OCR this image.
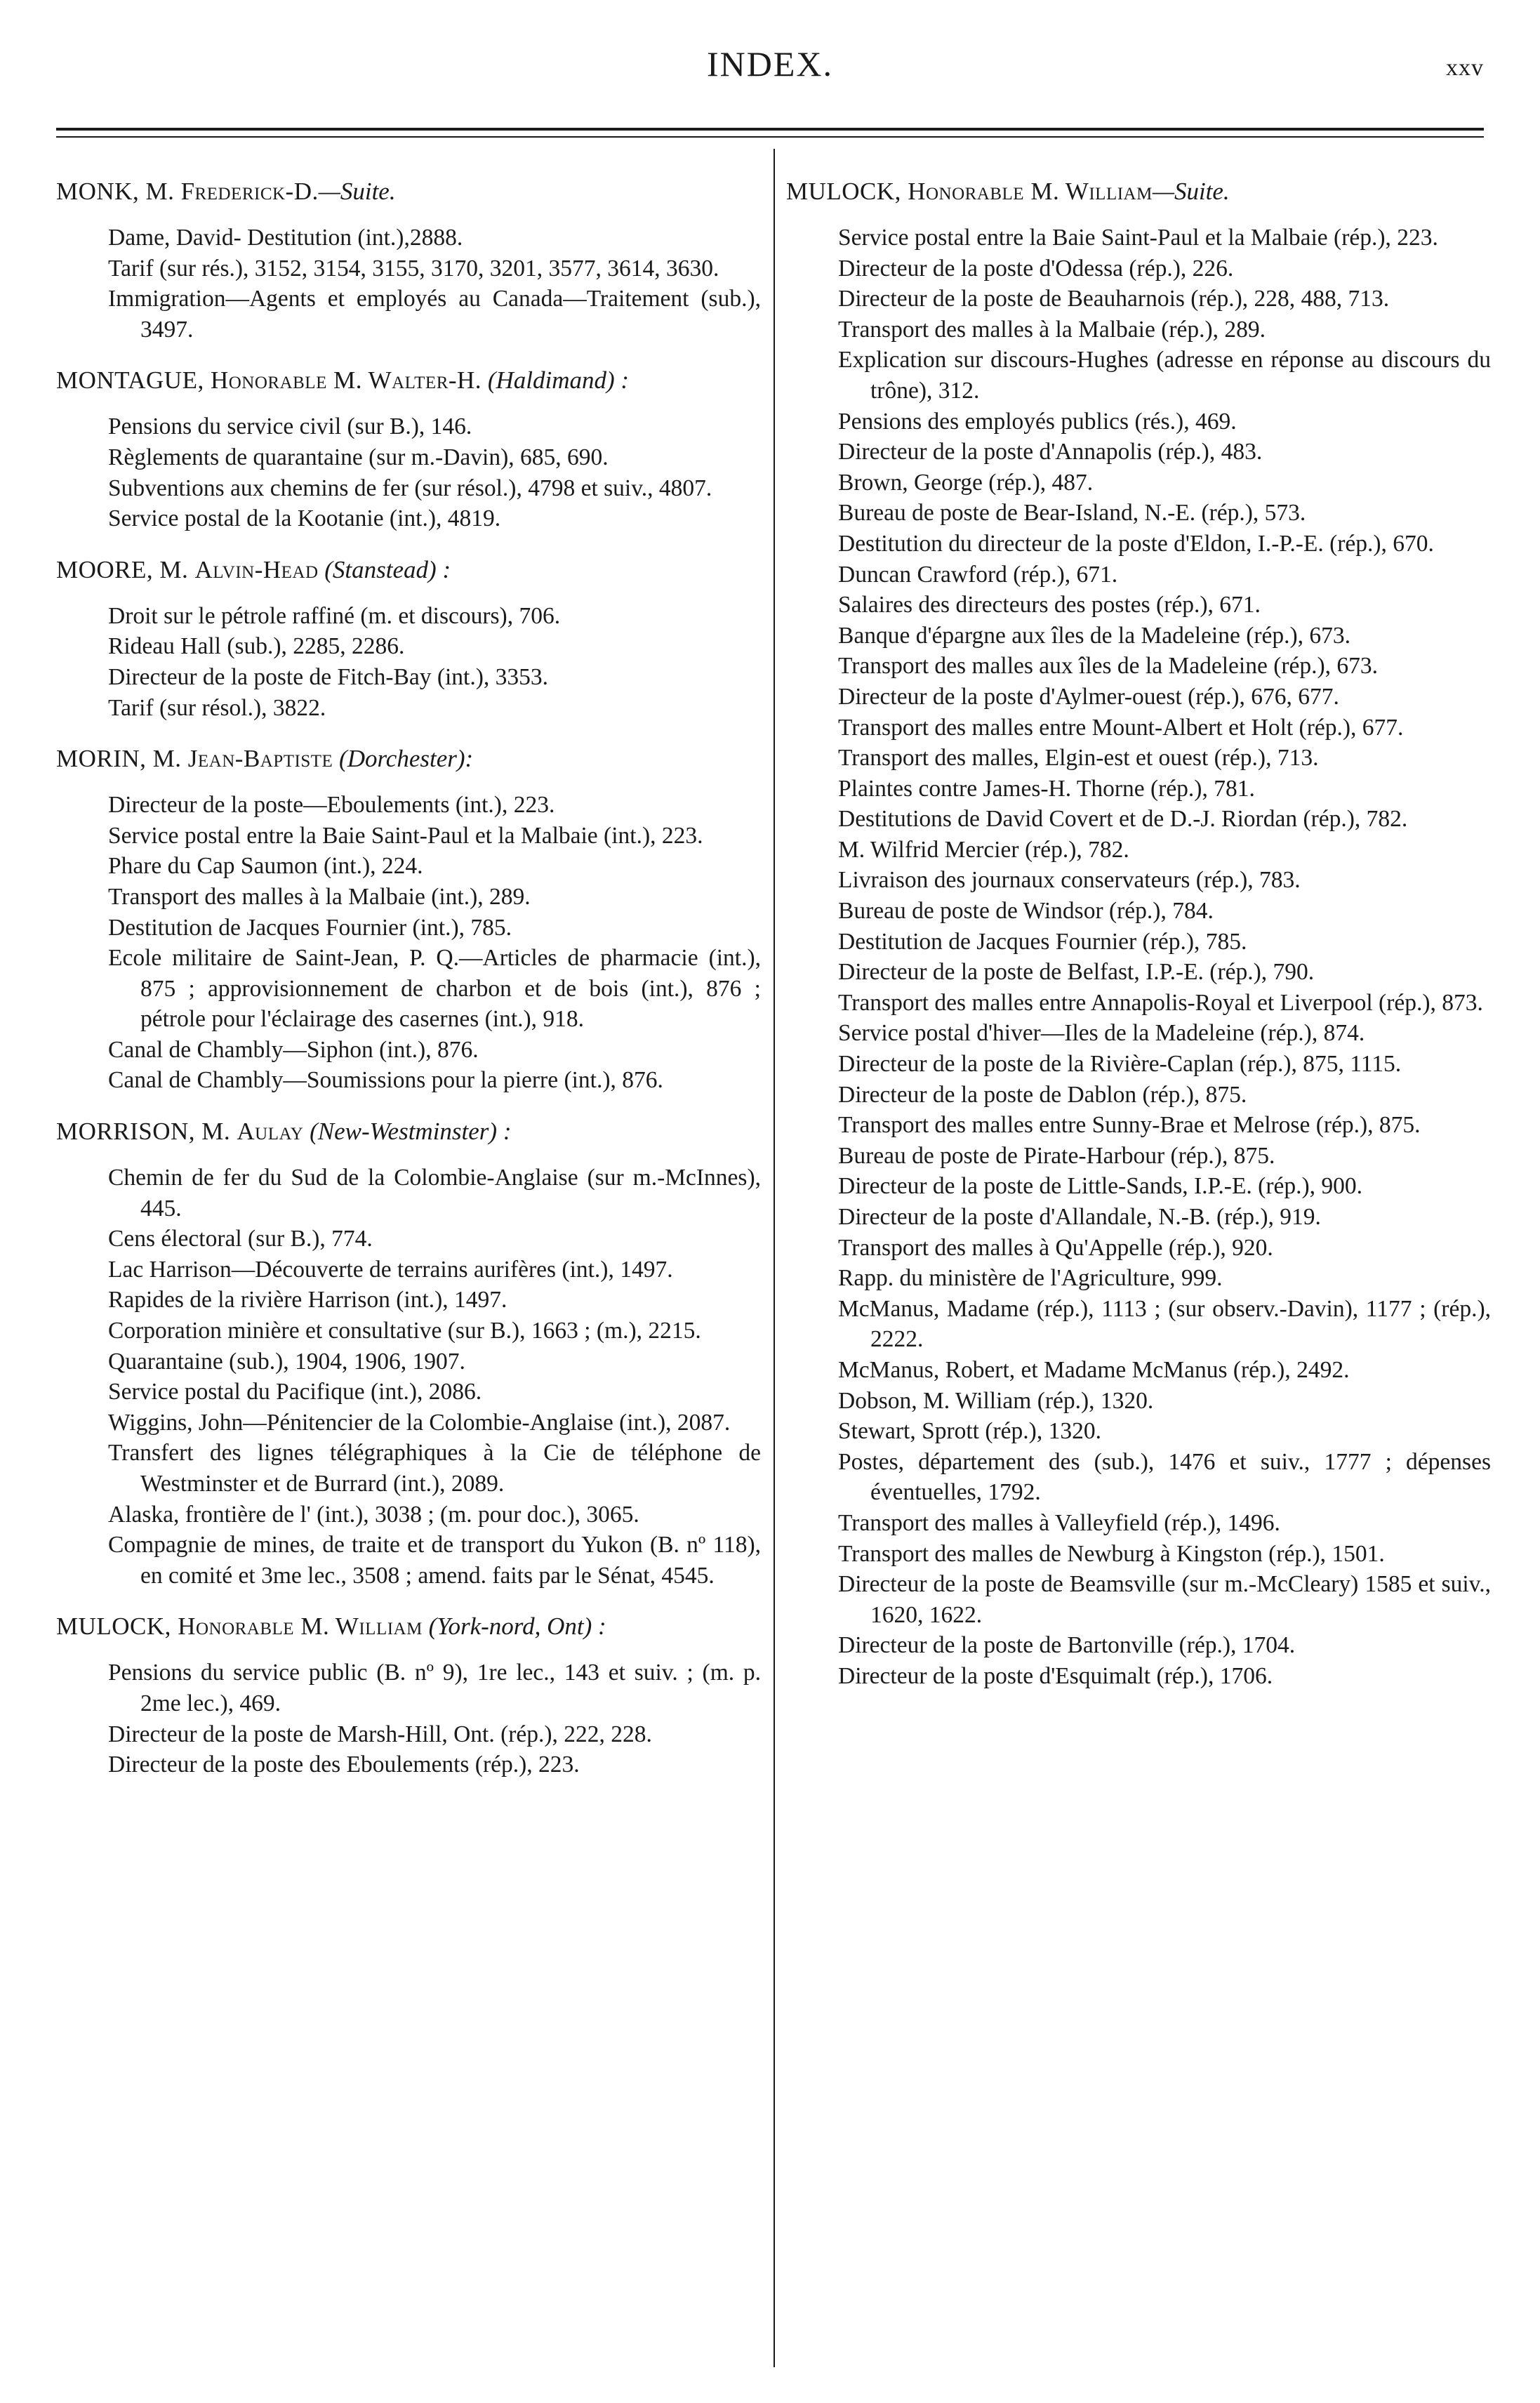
INDEX.	xxv
MONK, M. Frederick-D.—Suite.

Dame, David- Destitution (int.),2888.

Tarif (sur rés.), 3152, 3154, 3155, 3170, 3201, 3577, 3614, 3630.

Immigration—Agents et employés au Canada—Traitement (sub.), 3497.

MONTAGUE, Honorable M. Walter-H. (Haldimand) :

Pensions du service civil (sur B.), 146.

Règlements de quarantaine (sur m.-Davin), 685, 690.

Subventions aux chemins de fer (sur résol.), 4798 et suiv., 4807.

Service postal de la Kootanie (int.), 4819.

MOORE, M. Alvin-Head (Stanstead) :

Droit sur le pétrole raffiné (m. et discours), 706.

Rideau Hall (sub.), 2285, 2286.

Directeur de la poste de Fitch-Bay (int.), 3353.

Tarif (sur résol.), 3822.

MORIN, M. Jean-Baptiste (Dorchester):

Directeur de la poste—Eboulements (int.), 223.

Service postal entre la Baie Saint-Paul et la Malbaie (int.), 223.

Phare du Cap Saumon (int.), 224.

Transport des malles à la Malbaie (int.), 289.

Destitution de Jacques Fournier (int.), 785.

Ecole militaire de Saint-Jean, P. Q.—Articles de pharmacie (int.), 875 ; approvisionnement de charbon et de bois (int.), 876 ; pétrole pour l'éclairage des casernes (int.), 918.

Canal de Chambly—Siphon (int.), 876.

Canal de Chambly—Soumissions pour la pierre (int.), 876.

MORRISON, M. Aulay (New-Westminster) :

Chemin de fer du Sud de la Colombie-Anglaise (sur m.-McInnes), 445.

Cens électoral (sur B.), 774.

Lac Harrison—Découverte de terrains aurifères (int.), 1497.

Rapides de la rivière Harrison (int.), 1497.

Corporation minière et consultative (sur B.), 1663 ; (m.), 2215.

Quarantaine (sub.), 1904, 1906, 1907.

Service postal du Pacifique (int.), 2086.

Wiggins, John—Pénitencier de la Colombie-Anglaise (int.), 2087.

Transfert des lignes télégraphiques à la Cie de téléphone de Westminster et de Burrard (int.), 2089.

Alaska, frontière de l' (int.), 3038 ; (m. pour doc.), 3065.

Compagnie de mines, de traite et de transport du Yukon (B. nº 118), en comité et 3me lec., 3508 ; amend. faits par le Sénat, 4545.

MULOCK, Honorable M. William (York-nord, Ont) :

Pensions du service public (B. nº 9), 1re lec., 143 et suiv. ; (m. p. 2me lec.), 469.

Directeur de la poste de Marsh-Hill, Ont. (rép.), 222, 228.

Directeur de la poste des Eboulements (rép.), 223.

MULOCK, Honorable M. William—Suite.

Service postal entre la Baie Saint-Paul et la Malbaie (rép.), 223.

Directeur de la poste d'Odessa (rép.), 226.

Directeur de la poste de Beauharnois (rép.), 228, 488, 713.

Transport des malles à la Malbaie (rép.), 289.

Explication sur discours-Hughes (adresse en réponse au discours du trône), 312.

Pensions des employés publics (rés.), 469.

Directeur de la poste d'Annapolis (rép.), 483.

Brown, George (rép.), 487.

Bureau de poste de Bear-Island, N.-E. (rép.), 573.

Destitution du directeur de la poste d'Eldon, I.-P.-E. (rép.), 670.

Duncan Crawford (rép.), 671.

Salaires des directeurs des postes (rép.), 671.

Banque d'épargne aux îles de la Madeleine (rép.), 673.

Transport des malles aux îles de la Madeleine (rép.), 673.

Directeur de la poste d'Aylmer-ouest (rép.), 676, 677.

Transport des malles entre Mount-Albert et Holt (rép.), 677.

Transport des malles, Elgin-est et ouest (rép.), 713.

Plaintes contre James-H. Thorne (rép.), 781.

Destitutions de David Covert et de D.-J. Riordan (rép.), 782.

M. Wilfrid Mercier (rép.), 782.

Livraison des journaux conservateurs (rép.), 783.

Bureau de poste de Windsor (rép.), 784.

Destitution de Jacques Fournier (rép.), 785.

Directeur de la poste de Belfast, I.P.-E. (rép.), 790.

Transport des malles entre Annapolis-Royal et Liverpool (rép.), 873.

Service postal d'hiver—Iles de la Madeleine (rép.), 874.

Directeur de la poste de la Rivière-Caplan (rép.), 875, 1115.

Directeur de la poste de Dablon (rép.), 875.

Transport des malles entre Sunny-Brae et Melrose (rép.), 875.

Bureau de poste de Pirate-Harbour (rép.), 875.

Directeur de la poste de Little-Sands, I.P.-E. (rép.), 900.

Directeur de la poste d'Allandale, N.-B. (rép.), 919.

Transport des malles à Qu'Appelle (rép.), 920.

Rapp. du ministère de l'Agriculture, 999.

McManus, Madame (rép.), 1113 ; (sur observ.-Davin), 1177 ; (rép.), 2222.

McManus, Robert, et Madame McManus (rép.), 2492.

Dobson, M. William (rép.), 1320.

Stewart, Sprott (rép.), 1320.

Postes, département des (sub.), 1476 et suiv., 1777 ; dépenses éventuelles, 1792.

Transport des malles à Valleyfield (rép.), 1496.

Transport des malles de Newburg à Kingston (rép.), 1501.

Directeur de la poste de Beamsville (sur m.-McCleary) 1585 et suiv., 1620, 1622.

Directeur de la poste de Bartonville (rép.), 1704.

Directeur de la poste d'Esquimalt (rép.), 1706.
